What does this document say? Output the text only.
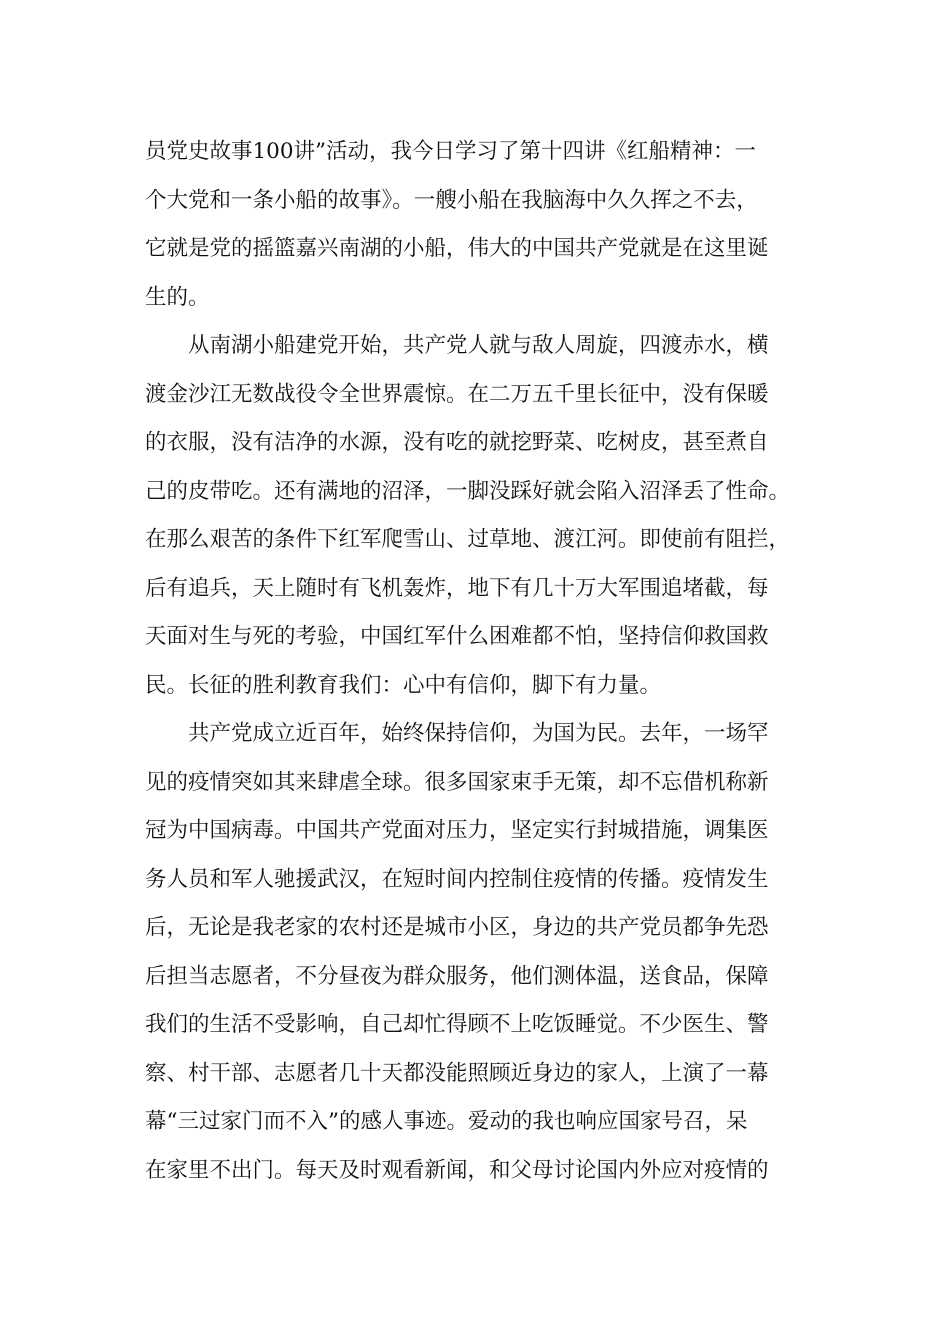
员党史故事100讲”活动，我今日学习了第十四讲《红船精神：一
个大党和一条小船的故事》。一艘小船在我脑海中久久挥之不去，
它就是党的摇篮嘉兴南湖的小船，伟大的中国共产党就是在这里诞
生的。
　　从南湖小船建党开始，共产党人就与敌人周旋，四渡赤水，横
渡金沙江无数战役令全世界震惊。在二万五千里长征中，没有保暖
的衣服，没有洁净的水源，没有吃的就挖野菜、吃树皮，甚至煮自
己的皮带吃。还有满地的沼泽，一脚没踩好就会陷入沼泽丢了性命。
在那么艰苦的条件下红军爬雪山、过草地、渡江河。即使前有阻拦，
后有追兵，天上随时有飞机轰炸，地下有几十万大军围追堵截，每
天面对生与死的考验，中国红军什么困难都不怕，坚持信仰救国救
民。长征的胜利教育我们：心中有信仰，脚下有力量。
　　共产党成立近百年，始终保持信仰，为国为民。去年，一场罕
见的疫情突如其来肆虐全球。很多国家束手无策，却不忘借机称新
冠为中国病毒。中国共产党面对压力，坚定实行封城措施，调集医
务人员和军人驰援武汉，在短时间内控制住疫情的传播。疫情发生
后，无论是我老家的农村还是城市小区，身边的共产党员都争先恐
后担当志愿者，不分昼夜为群众服务，他们测体温，送食品，保障
我们的生活不受影响，自己却忙得顾不上吃饭睡觉。不少医生、警
察、村干部、志愿者几十天都没能照顾近身边的家人，上演了一幕
幕“三过家门而不入”的感人事迹。爱动的我也响应国家号召，呆
在家里不出门。每天及时观看新闻，和父母讨论国内外应对疫情的
